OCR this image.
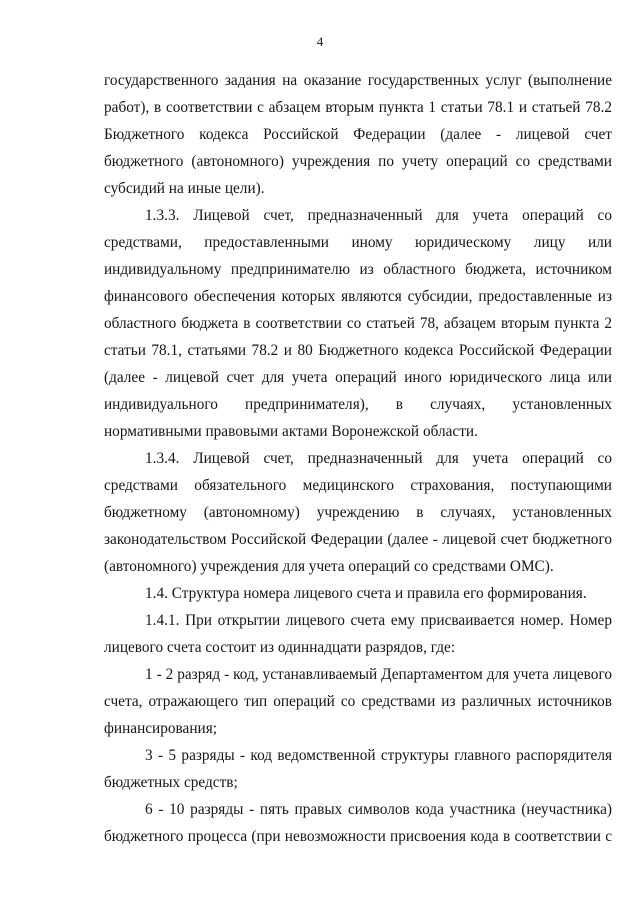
4
государственного задания на оказание государственных услуг (выполнение
работ), в соответствии с абзацем вторым пункта 1 статьи 78.1 и статьей 78.2
Бюджетного кодекса Российской Федерации (далее - лицевой счет
бюджетного (автономного) учреждения по учету операций со средствами
субсидий на иные цели).
1.3.3. Лицевой счет, предназначенный для учета операций со
средствами, предоставленными иному юридическому лицу или
индивидуальному предпринимателю из областного бюджета, источником
финансового обеспечения которых являются субсидии, предоставленные из
областного бюджета в соответствии со статьей 78, абзацем вторым пункта 2
статьи 78.1, статьями 78.2 и 80 Бюджетного кодекса Российской Федерации
(далее - лицевой счет для учета операций иного юридического лица или
индивидуального предпринимателя), в случаях, установленных
нормативными правовыми актами Воронежской области.
1.3.4. Лицевой счет, предназначенный для учета операций со
средствами обязательного медицинского страхования, поступающими
бюджетному (автономному) учреждению в случаях, установленных
законодательством Российской Федерации (далее - лицевой счет бюджетного
(автономного) учреждения для учета операций со средствами ОМС).
1.4. Структура номера лицевого счета и правила его формирования.
1.4.1. При открытии лицевого счета ему присваивается номер. Номер
лицевого счета состоит из одиннадцати разрядов, где:
1 - 2 разряд - код, устанавливаемый Департаментом для учета лицевого
счета, отражающего тип операций со средствами из различных источников
финансирования;
3 - 5 разряды - код ведомственной структуры главного распорядителя
бюджетных средств;
6 - 10 разряды - пять правых символов кода участника (неучастника)
бюджетного процесса (при невозможности присвоения кода в соответствии с
